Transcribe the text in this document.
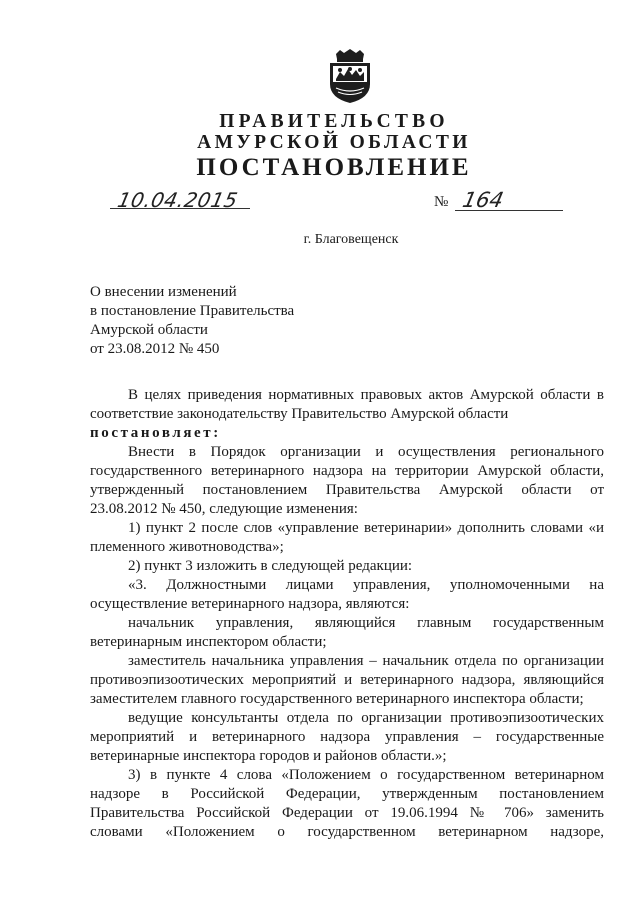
ПРАВИТЕЛЬСТВО
АМУРСКОЙ ОБЛАСТИ
ПОСТАНОВЛЕНИЕ
10.04.2015	№ 164
г. Благовещенск
О внесении изменений
в постановление Правительства
Амурской области
от 23.08.2012 № 450
В целях приведения нормативных правовых актов Амурской области в
соответствие законодательству Правительство Амурской области
постановляет:
Внести в Порядок организации и осуществления регионального
государственного ветеринарного надзора на территории Амурской области,
утвержденный постановлением Правительства Амурской области от
23.08.2012 № 450, следующие изменения:
1) пункт 2 после слов «управление ветеринарии» дополнить словами «и
племенного животноводства»;
2) пункт 3 изложить в следующей редакции:
«3. Должностными лицами управления, уполномоченными на
осуществление ветеринарного надзора, являются:
начальник управления, являющийся главным государственным
ветеринарным инспектором области;
заместитель начальника управления – начальник отдела по организации
противоэпизоотических мероприятий и ветеринарного надзора, являющийся
заместителем главного государственного ветеринарного инспектора области;
ведущие консультанты отдела по организации противоэпизоотических
мероприятий и ветеринарного надзора управления – государственные
ветеринарные инспектора городов и районов области.»;
3) в пункте 4 слова «Положением о государственном ветеринарном
надзоре в Российской Федерации, утвержденным постановлением
Правительства Российской Федерации от 19.06.1994 № 706» заменить
словами «Положением о государственном ветеринарном надзоре,
